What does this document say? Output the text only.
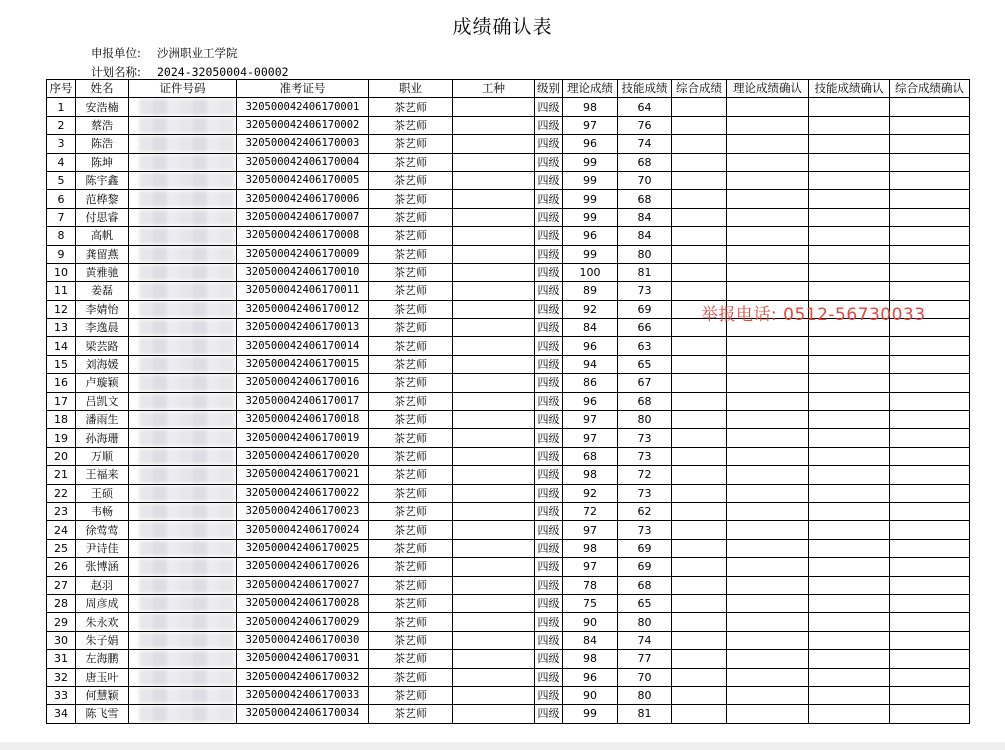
成绩确认表
申报单位: 沙洲职业工学院
计划名称: 2024-32050004-00002
序号	姓名	证件号码	准考证号	职业	工种	级别	理论成绩	技能成绩	综合成绩	理论成绩确认	技能成绩确认	综合成绩确认
1	安浩楠		320500042406170001	茶艺师		四级	98	64				
2	蔡浩		320500042406170002	茶艺师		四级	97	76				
3	陈浩		320500042406170003	茶艺师		四级	96	74				
4	陈坤		320500042406170004	茶艺师		四级	99	68				
5	陈宇鑫		320500042406170005	茶艺师		四级	99	70				
6	范桦黎		320500042406170006	茶艺师		四级	99	68				
7	付思睿		320500042406170007	茶艺师		四级	99	84				
8	高帆		320500042406170008	茶艺师		四级	96	84				
9	龚留燕		320500042406170009	茶艺师		四级	99	80				
10	黄雅驰		320500042406170010	茶艺师		四级	100	81				
11	姜磊		320500042406170011	茶艺师		四级	89	73				
12	李婧怡		320500042406170012	茶艺师		四级	92	69				
13	李逸晨		320500042406170013	茶艺师		四级	84	66				
14	梁芸路		320500042406170014	茶艺师		四级	96	63				
15	刘海媛		320500042406170015	茶艺师		四级	94	65				
16	卢璇颖		320500042406170016	茶艺师		四级	86	67				
17	吕凯文		320500042406170017	茶艺师		四级	96	68				
18	潘雨生		320500042406170018	茶艺师		四级	97	80				
19	孙海珊		320500042406170019	茶艺师		四级	97	73				
20	万顺		320500042406170020	茶艺师		四级	68	73				
21	王福来		320500042406170021	茶艺师		四级	98	72				
22	王硕		320500042406170022	茶艺师		四级	92	73				
23	韦畅		320500042406170023	茶艺师		四级	72	62				
24	徐莺莺		320500042406170024	茶艺师		四级	97	73				
25	尹诗佳		320500042406170025	茶艺师		四级	98	69				
26	张博涵		320500042406170026	茶艺师		四级	97	69				
27	赵羽		320500042406170027	茶艺师		四级	78	68				
28	周彦成		320500042406170028	茶艺师		四级	75	65				
29	朱永欢		320500042406170029	茶艺师		四级	90	80				
30	朱子娟		320500042406170030	茶艺师		四级	84	74				
31	左海鹏		320500042406170031	茶艺师		四级	98	77				
32	唐玉叶		320500042406170032	茶艺师		四级	96	70				
33	何慧颖		320500042406170033	茶艺师		四级	90	80				
34	陈飞雪		320500042406170034	茶艺师		四级	99	81				
举报电话: 0512-56730033
